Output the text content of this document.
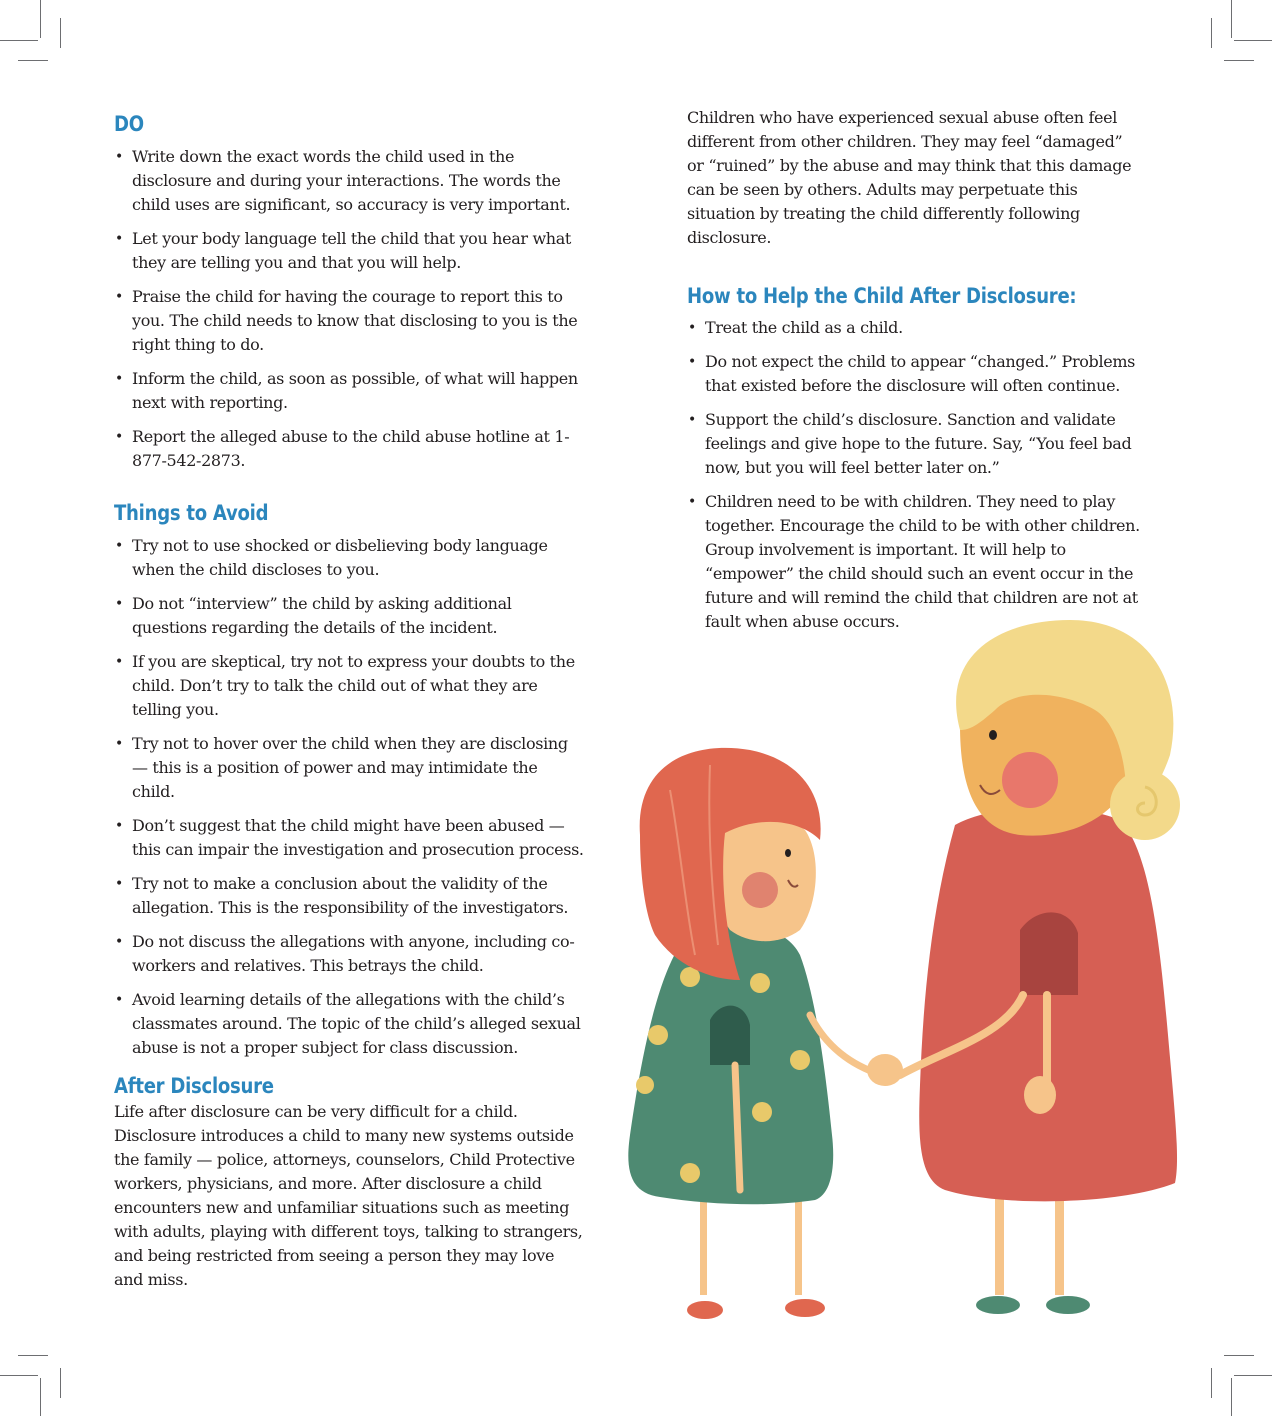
DO
• Write down the exact words the child used in the disclosure and during your interactions. The words the child uses are significant, so accuracy is very important.
• Let your body language tell the child that you hear what they are telling you and that you will help.
• Praise the child for having the courage to report this to you. The child needs to know that disclosing to you is the right thing to do.
• Inform the child, as soon as possible, of what will happen next with reporting.
• Report the alleged abuse to the child abuse hotline at 1-877-542-2873.
Things to Avoid
• Try not to use shocked or disbelieving body language when the child discloses to you.
• Do not “interview” the child by asking additional questions regarding the details of the incident.
• If you are skeptical, try not to express your doubts to the child. Don’t try to talk the child out of what they are telling you.
• Try not to hover over the child when they are disclosing — this is a position of power and may intimidate the child.
• Don’t suggest that the child might have been abused — this can impair the investigation and prosecution process.
• Try not to make a conclusion about the validity of the allegation. This is the responsibility of the investigators.
• Do not discuss the allegations with anyone, including co-workers and relatives. This betrays the child.
• Avoid learning details of the allegations with the child’s classmates around. The topic of the child’s alleged sexual abuse is not a proper subject for class discussion.
After Disclosure

Life after disclosure can be very difficult for a child. Disclosure introduces a child to many new systems outside the family — police, attorneys, counselors, Child Protective workers, physicians, and more. After disclosure a child encounters new and unfamiliar situations such as meeting with adults, playing with different toys, talking to strangers, and being restricted from seeing a person they may love and miss.

Children who have experienced sexual abuse often feel different from other children. They may feel “damaged” or “ruined” by the abuse and may think that this damage can be seen by others. Adults may perpetuate this situation by treating the child differently following disclosure.

How to Help the Child After Disclosure:
• Treat the child as a child.
• Do not expect the child to appear “changed.” Problems that existed before the disclosure will often continue.
• Support the child’s disclosure. Sanction and validate feelings and give hope to the future. Say, “You feel bad now, but you will feel better later on.”
• Children need to be with children. They need to play together. Encourage the child to be with other children. Group involvement is important. It will help to “empower” the child should such an event occur in the future and will remind the child that children are not at fault when abuse occurs.
